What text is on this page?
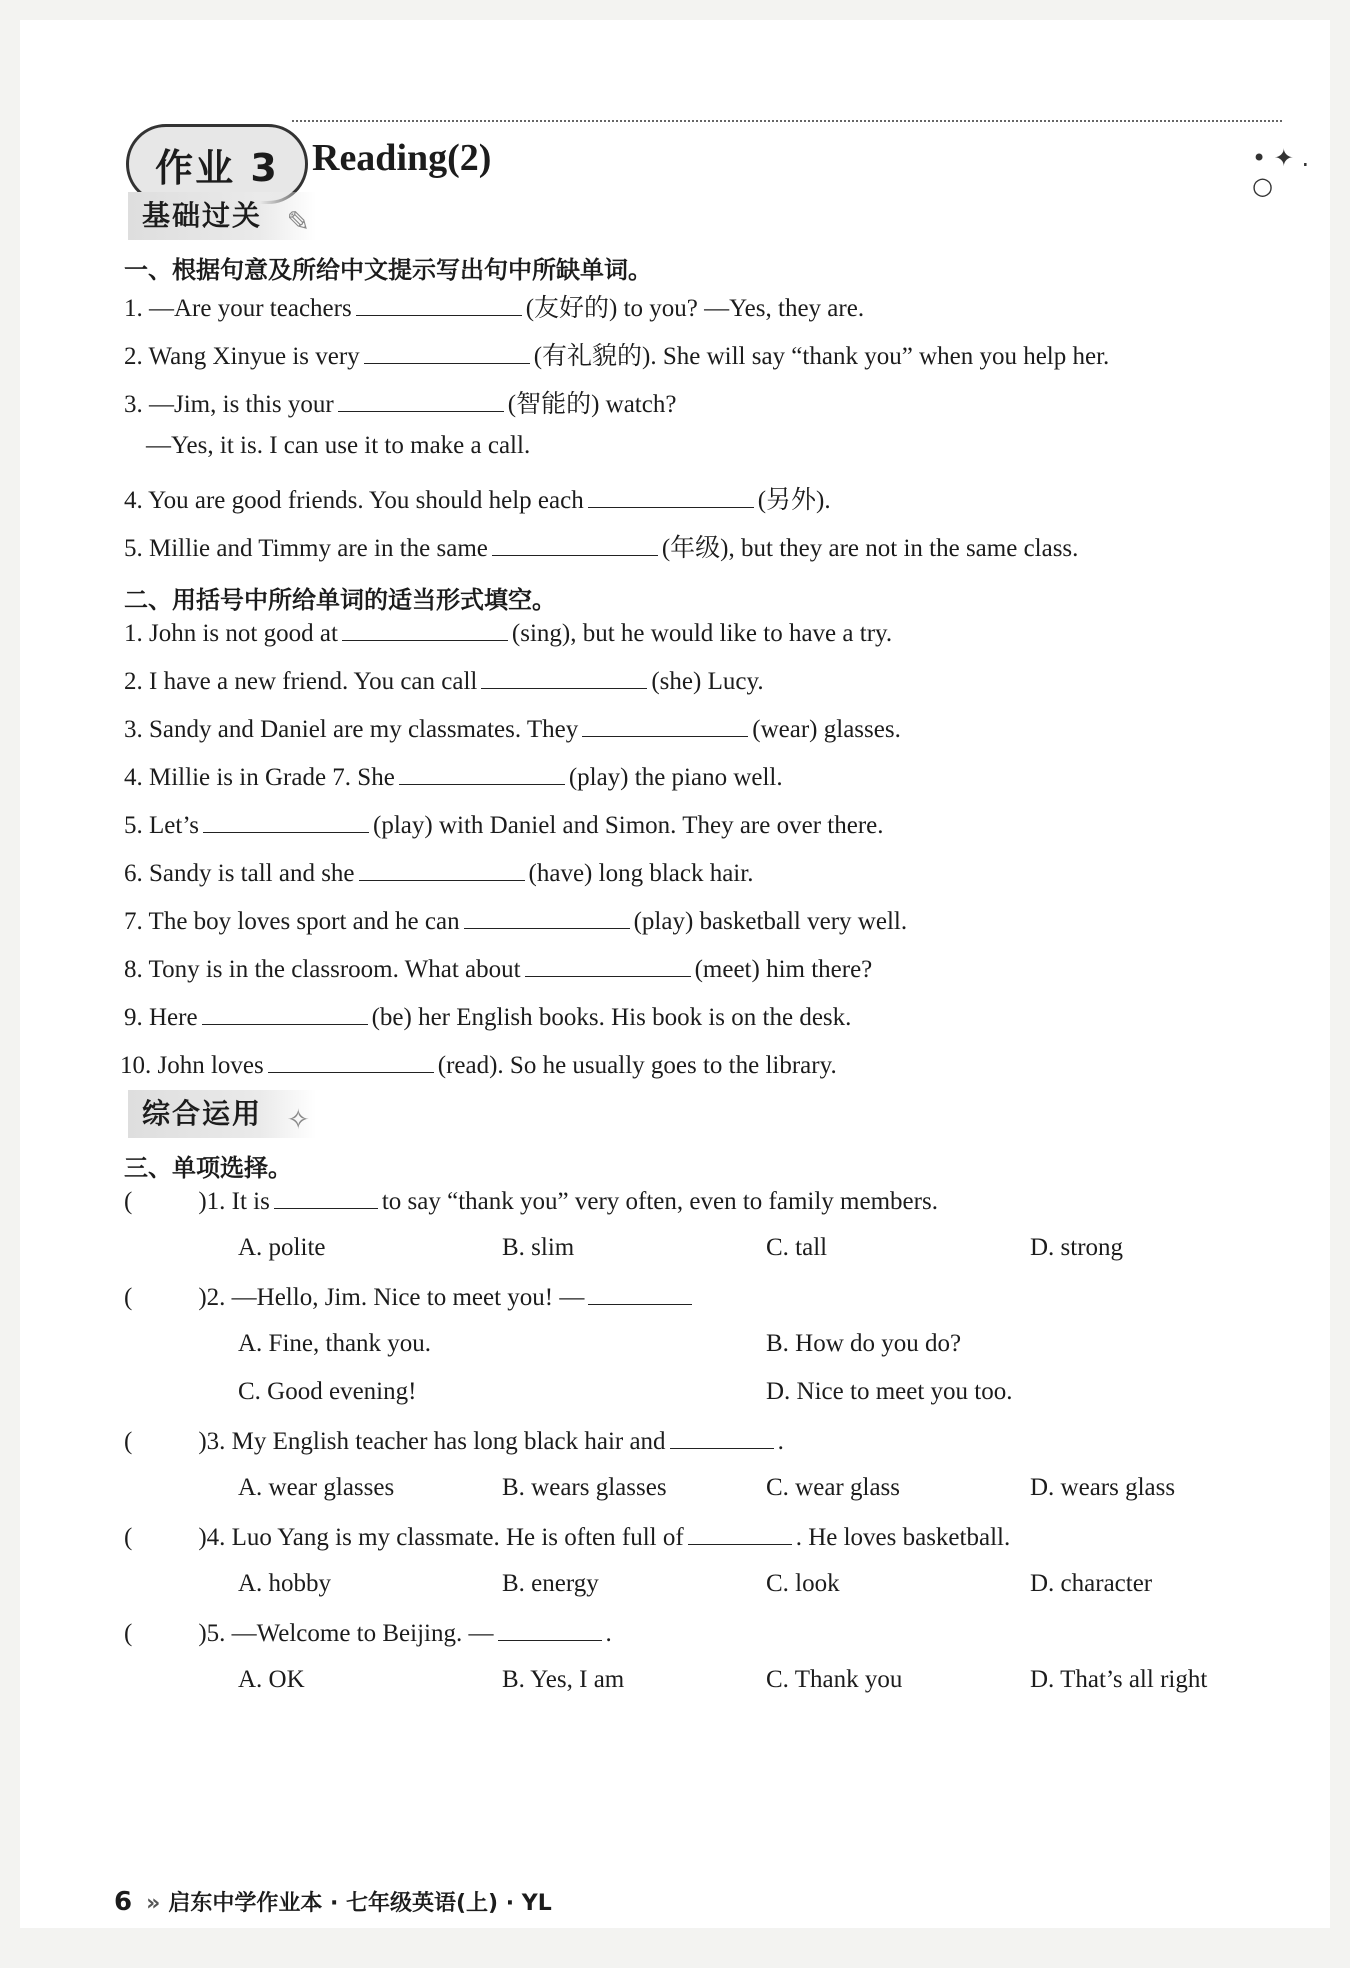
作业 3 Reading(2)	• ✦ . ○
基础过关 ✎
一、根据句意及所给中文提示写出句中所缺单词。
1. —Are your teachers	(友好的) to you? —Yes, they are.
2. Wang Xinyue is very	(有礼貌的). She will say “thank you” when you help her.
3. —Jim, is this your	(智能的) watch?
—Yes, it is. I can use it to make a call.
4. You are good friends. You should help each	(另外).
5. Millie and Timmy are in the same	(年级), but they are not in the same class.
二、用括号中所给单词的适当形式填空。
1. John is not good at	(sing), but he would like to have a try.
2. I have a new friend. You can call	(she) Lucy.
3. Sandy and Daniel are my classmates. They	(wear) glasses.
4. Millie is in Grade 7. She	(play) the piano well.
5. Let’s	(play) with Daniel and Simon. They are over there.
6. Sandy is tall and she	(have) long black hair.
7. The boy loves sport and he can	(play) basketball very well.
8. Tony is in the classroom. What about	(meet) him there?
9. Here	(be) her English books. His book is on the desk.
10. John loves	(read). So he usually goes to the library.
综合运用 ✧
三、单项选择。
(	)1. It is	to say “thank you” very often, even to family members.
A. polite	B. slim	C. tall	D. strong
(	)2. —Hello, Jim. Nice to meet you! —
A. Fine, thank you.	B. How do you do?
C. Good evening!	D. Nice to meet you too.
(	)3. My English teacher has long black hair and	.
A. wear glasses	B. wears glasses	C. wear glass	D. wears glass
(	)4. Luo Yang is my classmate. He is often full of	. He loves basketball.
A. hobby	B. energy	C. look	D. character
(	)5. —Welcome to Beijing. —	.
A. OK	B. Yes, I am	C. Thank you	D. That’s all right
6 » 启东中学作业本 · 七年级英语(上) · YL
